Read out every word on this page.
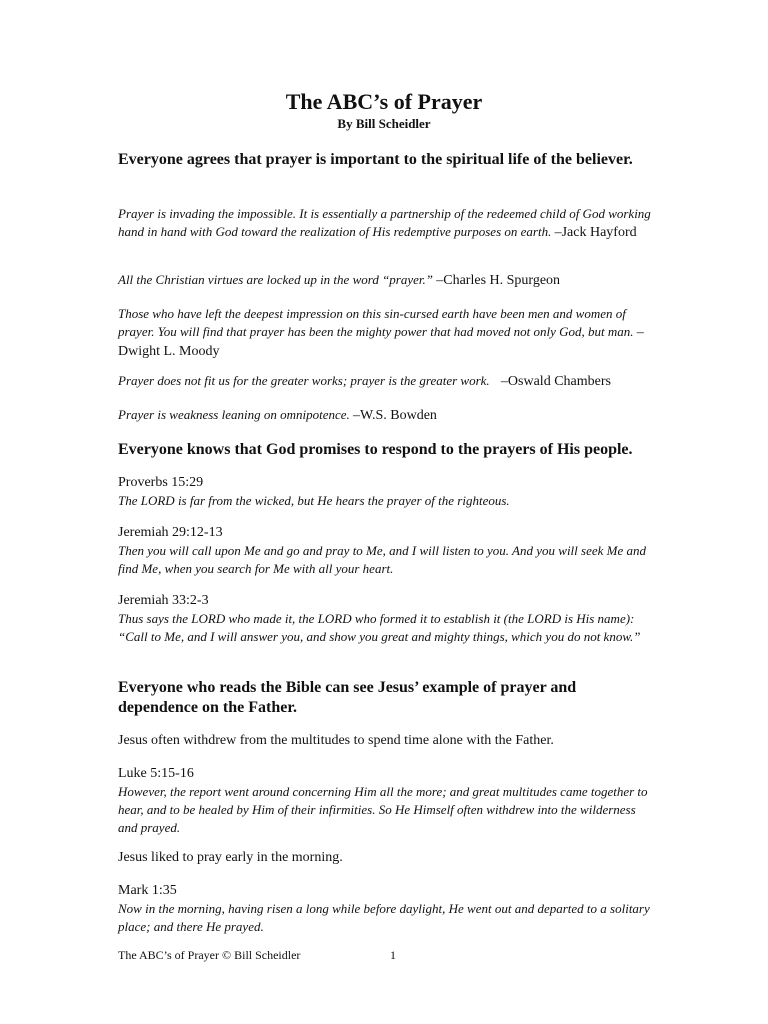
The ABC’s of Prayer
By Bill Scheidler
Everyone agrees that prayer is important to the spiritual life of the believer.
Prayer is invading the impossible. It is essentially a partnership of the redeemed child of God working hand in hand with God toward the realization of His redemptive purposes on earth. –Jack Hayford
All the Christian virtues are locked up in the word “prayer.” –Charles H. Spurgeon
Those who have left the deepest impression on this sin-cursed earth have been men and women of prayer. You will find that prayer has been the mighty power that had moved not only God, but man. –Dwight L. Moody
Prayer does not fit us for the greater works; prayer is the greater work. –Oswald Chambers
Prayer is weakness leaning on omnipotence. –W.S. Bowden
Everyone knows that God promises to respond to the prayers of His people.
Proverbs 15:29
The LORD is far from the wicked, but He hears the prayer of the righteous.
Jeremiah 29:12-13
Then you will call upon Me and go and pray to Me, and I will listen to you. And you will seek Me and find Me, when you search for Me with all your heart.
Jeremiah 33:2-3
Thus says the LORD who made it, the LORD who formed it to establish it (the LORD is His name): “Call to Me, and I will answer you, and show you great and mighty things, which you do not know.”
Everyone who reads the Bible can see Jesus’ example of prayer and dependence on the Father.
Jesus often withdrew from the multitudes to spend time alone with the Father.
Luke 5:15-16
However, the report went around concerning Him all the more; and great multitudes came together to hear, and to be healed by Him of their infirmities. So He Himself often withdrew into the wilderness and prayed.
Jesus liked to pray early in the morning.
Mark 1:35
Now in the morning, having risen a long while before daylight, He went out and departed to a solitary place; and there He prayed.
The ABC’s of Prayer © Bill Scheidler	1
